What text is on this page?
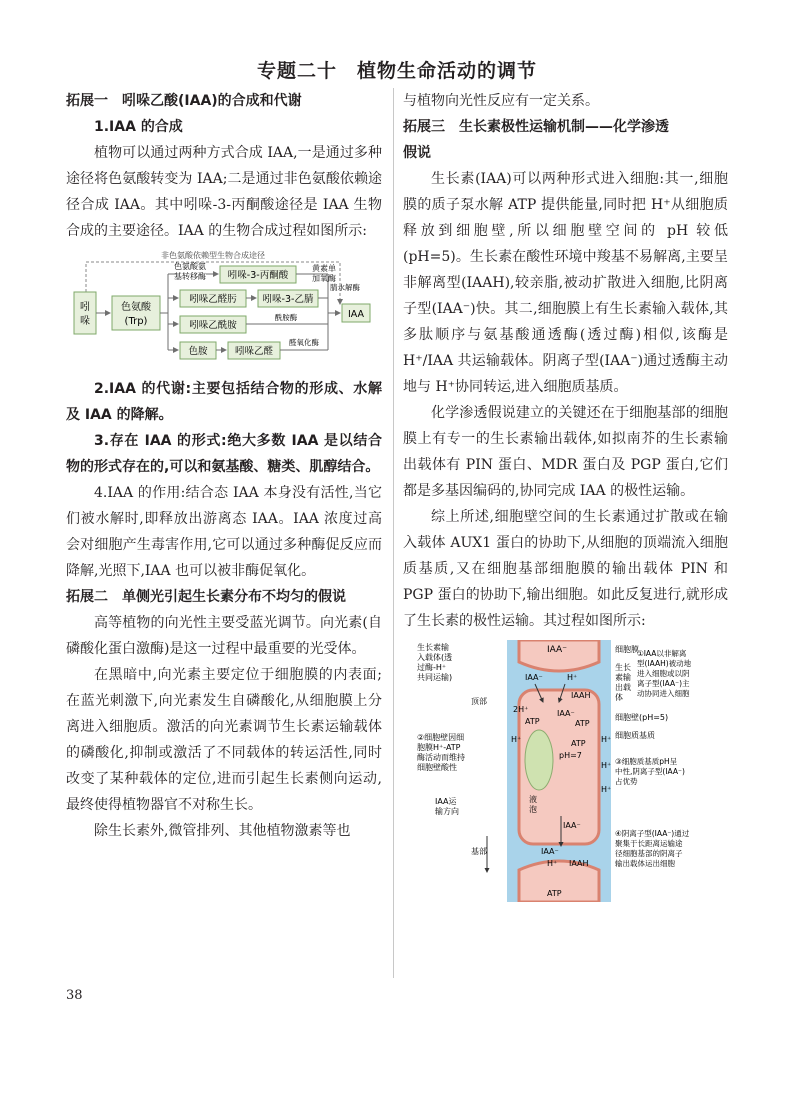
专题二十　植物生命活动的调节
拓展一 吲哚乙酸(IAA)的合成和代谢
1.IAA 的合成

植物可以通过两种方式合成 IAA,一是通过多种途径将色氨酸转变为 IAA;二是通过非色氨酸依赖途径合成 IAA。其中吲哚-3-丙酮酸途径是 IAA 生物合成的主要途径。IAA 的生物合成过程如图所示:

非色氨酸依赖型生物合成途径
吲
哚
色氨酸
(Trp)
色氨酸氨
基转移酶 吲哚-3-丙酮酸
黄素单
加氧酶
吲哚乙醛肟	吲哚-3-乙腈
腈水解酶
吲哚乙酰胺
酰胺酶
色胺	吲哚乙醛
醛氧化酶
IAA

2.IAA 的代谢:主要包括结合物的形成、水解及 IAA 的降解。

3.存在 IAA 的形式:绝大多数 IAA 是以结合物的形式存在的,可以和氨基酸、糖类、肌醇结合。

4.IAA 的作用:结合态 IAA 本身没有活性,当它们被水解时,即释放出游离态 IAA。IAA 浓度过高会对细胞产生毒害作用,它可以通过多种酶促反应而降解,光照下,IAA 也可以被非酶促氧化。

拓展二 单侧光引起生长素分布不均匀的假说

高等植物的向光性主要受蓝光调节。向光素(自磷酸化蛋白激酶)是这一过程中最重要的光受体。

在黑暗中,向光素主要定位于细胞膜的内表面;在蓝光刺激下,向光素发生自磷酸化,从细胞膜上分离进入细胞质。激活的向光素调节生长素运输载体的磷酸化,抑制或激活了不同载体的转运活性,同时改变了某种载体的定位,进而引起生长素侧向运动,最终使得植物器官不对称生长。

除生长素外,微管排列、其他植物激素等也

与植物向光性反应有一定关系。

拓展三 生长素极性运输机制——化学渗透
假说

生长素(IAA)可以两种形式进入细胞:其一,细胞膜的质子泵水解 ATP 提供能量,同时把 H⁺从细胞质释放到细胞壁,所以细胞壁空间的 pH 较低(pH=5)。生长素在酸性环境中羧基不易解离,主要呈非解离型(IAAH),较亲脂,被动扩散进入细胞,比阴离子型(IAA⁻)快。其二,细胞膜上有生长素输入载体,其多肽顺序与氨基酸通透酶(透过酶)相似,该酶是 H⁺/IAA 共运输载体。阴离子型(IAA⁻)通过透酶主动地与 H⁺协同转运,进入细胞质基质。

化学渗透假说建立的关键还在于细胞基部的细胞膜上有专一的生长素输出载体,如拟南芥的生长素输出载体有 PIN 蛋白、MDR 蛋白及 PGP 蛋白,它们都是多基因编码的,协同完成 IAA 的极性运输。

综上所述,细胞壁空间的生长素通过扩散或在输入载体 AUX1 蛋白的协助下,从细胞的顶端流入细胞质基质,又在细胞基部细胞膜的输出载体 PIN 和 PGP 蛋白的协助下,输出细胞。如此反复进行,就形成了生长素的极性运输。其过程如图所示:

IAA⁻
IAA⁻	H⁺
IAAH
2H⁺
ATP	ATP
IAA⁻
pH=7
ATP
H⁺	H⁺
H⁺
H⁺
液
泡
IAA⁻
IAA⁻
H⁺ IAAH
ATP
生长素输
入载体(透
过酶-H⁺
共同运输)
顶部
②细胞壁因细
胞膜H⁺-ATP
酶活动而维持
细胞壁酸性
IAA运
输方向
基部
细胞膜
生长
素输
出载
体
①IAA以非解离
型(IAAH)被动地
进入细胞或以阴
离子型(IAA⁻)主
动协同进入细胞
细胞壁(pH=5)
细胞质基质
③细胞质基质pH呈
中性,阴离子型(IAA⁻)
占优势
④阴离子型(IAA⁻)通过
聚集于长距离运输途
径细胞基部的阴离子
输出载体运出细胞
38
